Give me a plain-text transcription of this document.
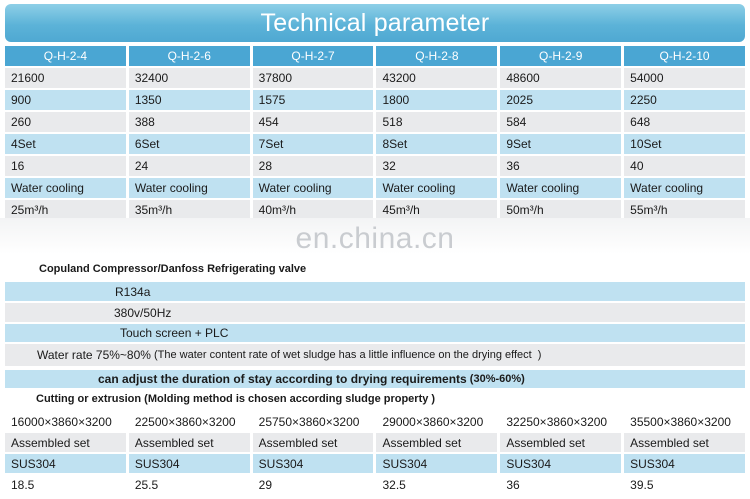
Technical parameter
Q-H-2-4	Q-H-2-6	Q-H-2-7	Q-H-2-8	Q-H-2-9	Q-H-2-10
21600	32400	37800	43200	48600	54000
900	1350	1575	1800	2025	2250
260	388	454	518	584	648
4Set	6Set	7Set	8Set	9Set	10Set
16	24	28	32	36	40
Water cooling	Water cooling	Water cooling	Water cooling	Water cooling	Water cooling
25m³/h	35m³/h	40m³/h	45m³/h	50m³/h	55m³/h
en.china.cn
Copuland Compressor/Danfoss Refrigerating valve
R134a
380v/50Hz
Touch screen + PLC
Water rate 75%~80% (The water content rate of wet sludge has a little influence on the drying effect  )
can adjust the duration of stay according to drying requirements (30%-60%)
Cutting or extrusion (Molding method is chosen according sludge property )
16000×3860×3200	22500×3860×3200	25750×3860×3200	29000×3860×3200	32250×3860×3200	35500×3860×3200
Assembled set	Assembled set	Assembled set	Assembled set	Assembled set	Assembled set
SUS304	SUS304	SUS304	SUS304	SUS304	SUS304
18.5	25.5	29	32.5	36	39.5
